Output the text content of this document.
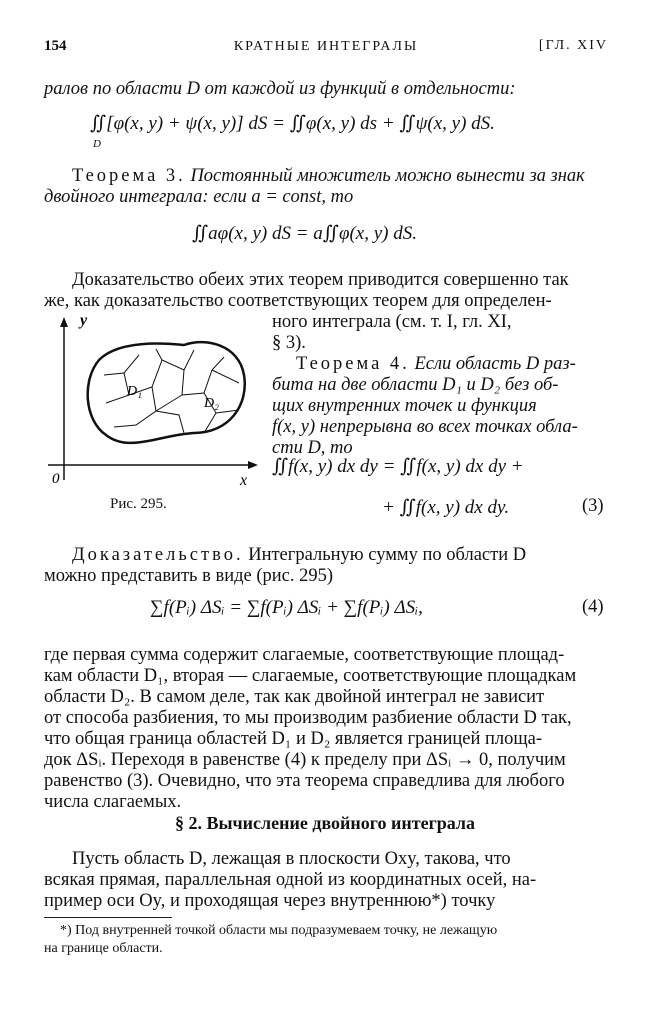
154	КРАТНЫЕ ИНТЕГРАЛЫ	[ГЛ. XIV
ралов по области D от каждой из функций в отдельности:
∬[φ(x, y) + ψ(x, y)] dS = ∬φ(x, y) ds + ∬ψ(x, y) dS.
D
Теорема 3. Постоянный множитель можно вынести за знак
двойного интеграла: если a = const, то
∬aφ(x, y) dS = a∬φ(x, y) dS.
Доказательство обеих этих теорем приводится совершенно так
же, как доказательство соответствующих теорем для определен-
ного интеграла (см. т. I, гл. XI,
§ 3).
Теорема 4. Если область D раз-
бита на две области D₁ и D₂ без об-
щих внутренних точек и функция
f(x, y) непрерывна во всех точках обла-
сти D, то
∬f(x, y) dx dy = ∬f(x, y) dx dy +
+ ∬f(x, y) dx dy.	(3)
y
x
0
D₁
D₂
Рис. 295.
Доказательство. Интегральную сумму по области D
можно представить в виде (рис. 295)
∑f(Pᵢ) ΔSᵢ = ∑f(Pᵢ) ΔSᵢ + ∑f(Pᵢ) ΔSᵢ,	(4)
где первая сумма содержит слагаемые, соответствующие площад-
кам области D₁, вторая — слагаемые, соответствующие площадкам
области D₂. В самом деле, так как двойной интеграл не зависит
от способа разбиения, то мы производим разбиение области D так,
что общая граница областей D₁ и D₂ является границей площа-
док ΔSᵢ. Переходя в равенстве (4) к пределу при ΔSᵢ → 0, получим
равенство (3). Очевидно, что эта теорема справедлива для любого
числа слагаемых.
§ 2. Вычисление двойного интеграла
Пусть область D, лежащая в плоскости Oxy, такова, что
всякая прямая, параллельная одной из координатных осей, на-
пример оси Oy, и проходящая через внутреннюю*) точку
*) Под внутренней точкой области мы подразумеваем точку, не лежащую
на границе области.
